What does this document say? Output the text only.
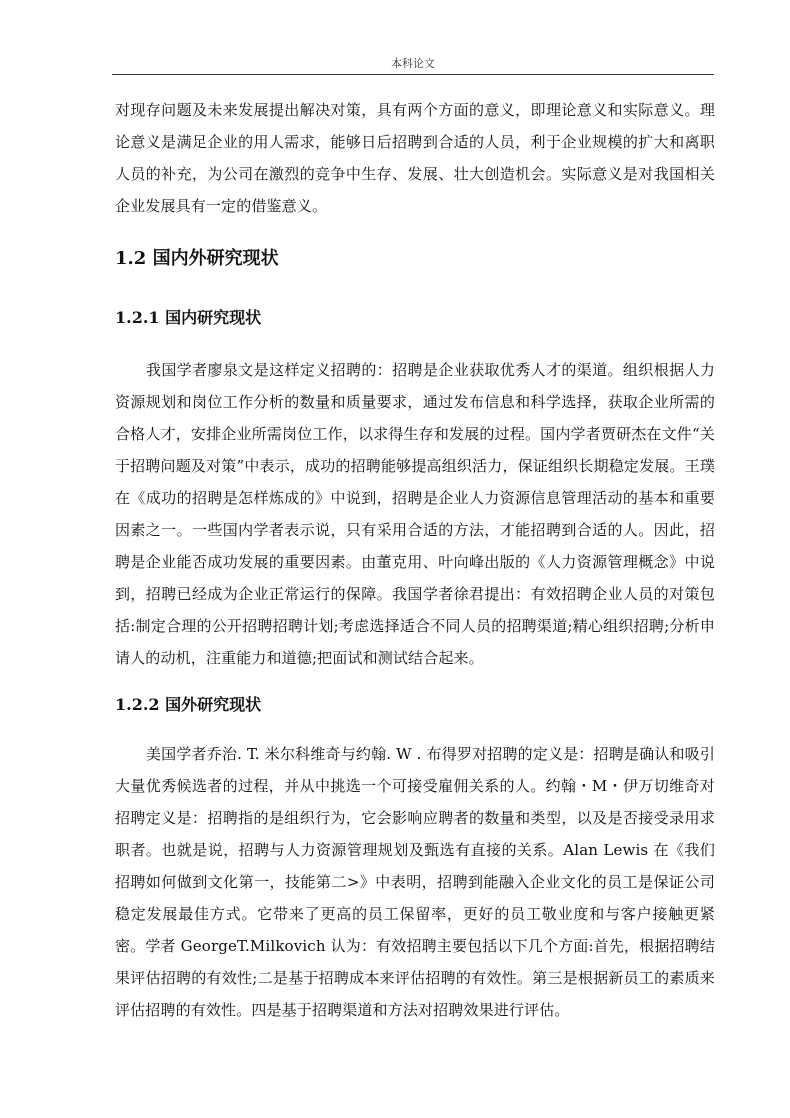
本科论文

对现存问题及未来发展提出解决对策，具有两个方面的意义，即理论意义和实际意义。理论意义是满足企业的用人需求，能够日后招聘到合适的人员，利于企业规模的扩大和离职人员的补充，为公司在激烈的竞争中生存、发展、壮大创造机会。实际意义是对我国相关企业发展具有一定的借鉴意义。

1.2 国内外研究现状
1.2.1 国内研究现状

我国学者廖泉文是这样定义招聘的：招聘是企业获取优秀人才的渠道。组织根据人力资源规划和岗位工作分析的数量和质量要求，通过发布信息和科学选择，获取企业所需的合格人才，安排企业所需岗位工作，以求得生存和发展的过程。国内学者贾研杰在文件“关于招聘问题及对策”中表示，成功的招聘能够提高组织活力，保证组织长期稳定发展。王璞在《成功的招聘是怎样炼成的》中说到，招聘是企业人力资源信息管理活动的基本和重要因素之一。一些国内学者表示说，只有采用合适的方法，才能招聘到合适的人。因此，招聘是企业能否成功发展的重要因素。由董克用、叶向峰出版的《人力资源管理概念》中说到，招聘已经成为企业正常运行的保障。我国学者徐君提出：有效招聘企业人员的对策包括:制定合理的公开招聘招聘计划;考虑选择适合不同人员的招聘渠道;精心组织招聘;分析申请人的动机，注重能力和道德;把面试和测试结合起来。

1.2.2 国外研究现状

美国学者乔治. T. 米尔科维奇与约翰. W . 布得罗对招聘的定义是：招聘是确认和吸引大量优秀候选者的过程，并从中挑选一个可接受雇佣关系的人。约翰・M・伊万切维奇对招聘定义是：招聘指的是组织行为，它会影响应聘者的数量和类型，以及是否接受录用求职者。也就是说，招聘与人力资源管理规划及甄选有直接的关系。Alan Lewis 在《我们招聘如何做到文化第一，技能第二>》中表明，招聘到能融入企业文化的员工是保证公司稳定发展最佳方式。它带来了更高的员工保留率，更好的员工敬业度和与客户接触更紧密。学者 GeorgeT.Milkovich 认为：有效招聘主要包括以下几个方面:首先，根据招聘结果评估招聘的有效性;二是基于招聘成本来评估招聘的有效性。第三是根据新员工的素质来评估招聘的有效性。四是基于招聘渠道和方法对招聘效果进行评估。
